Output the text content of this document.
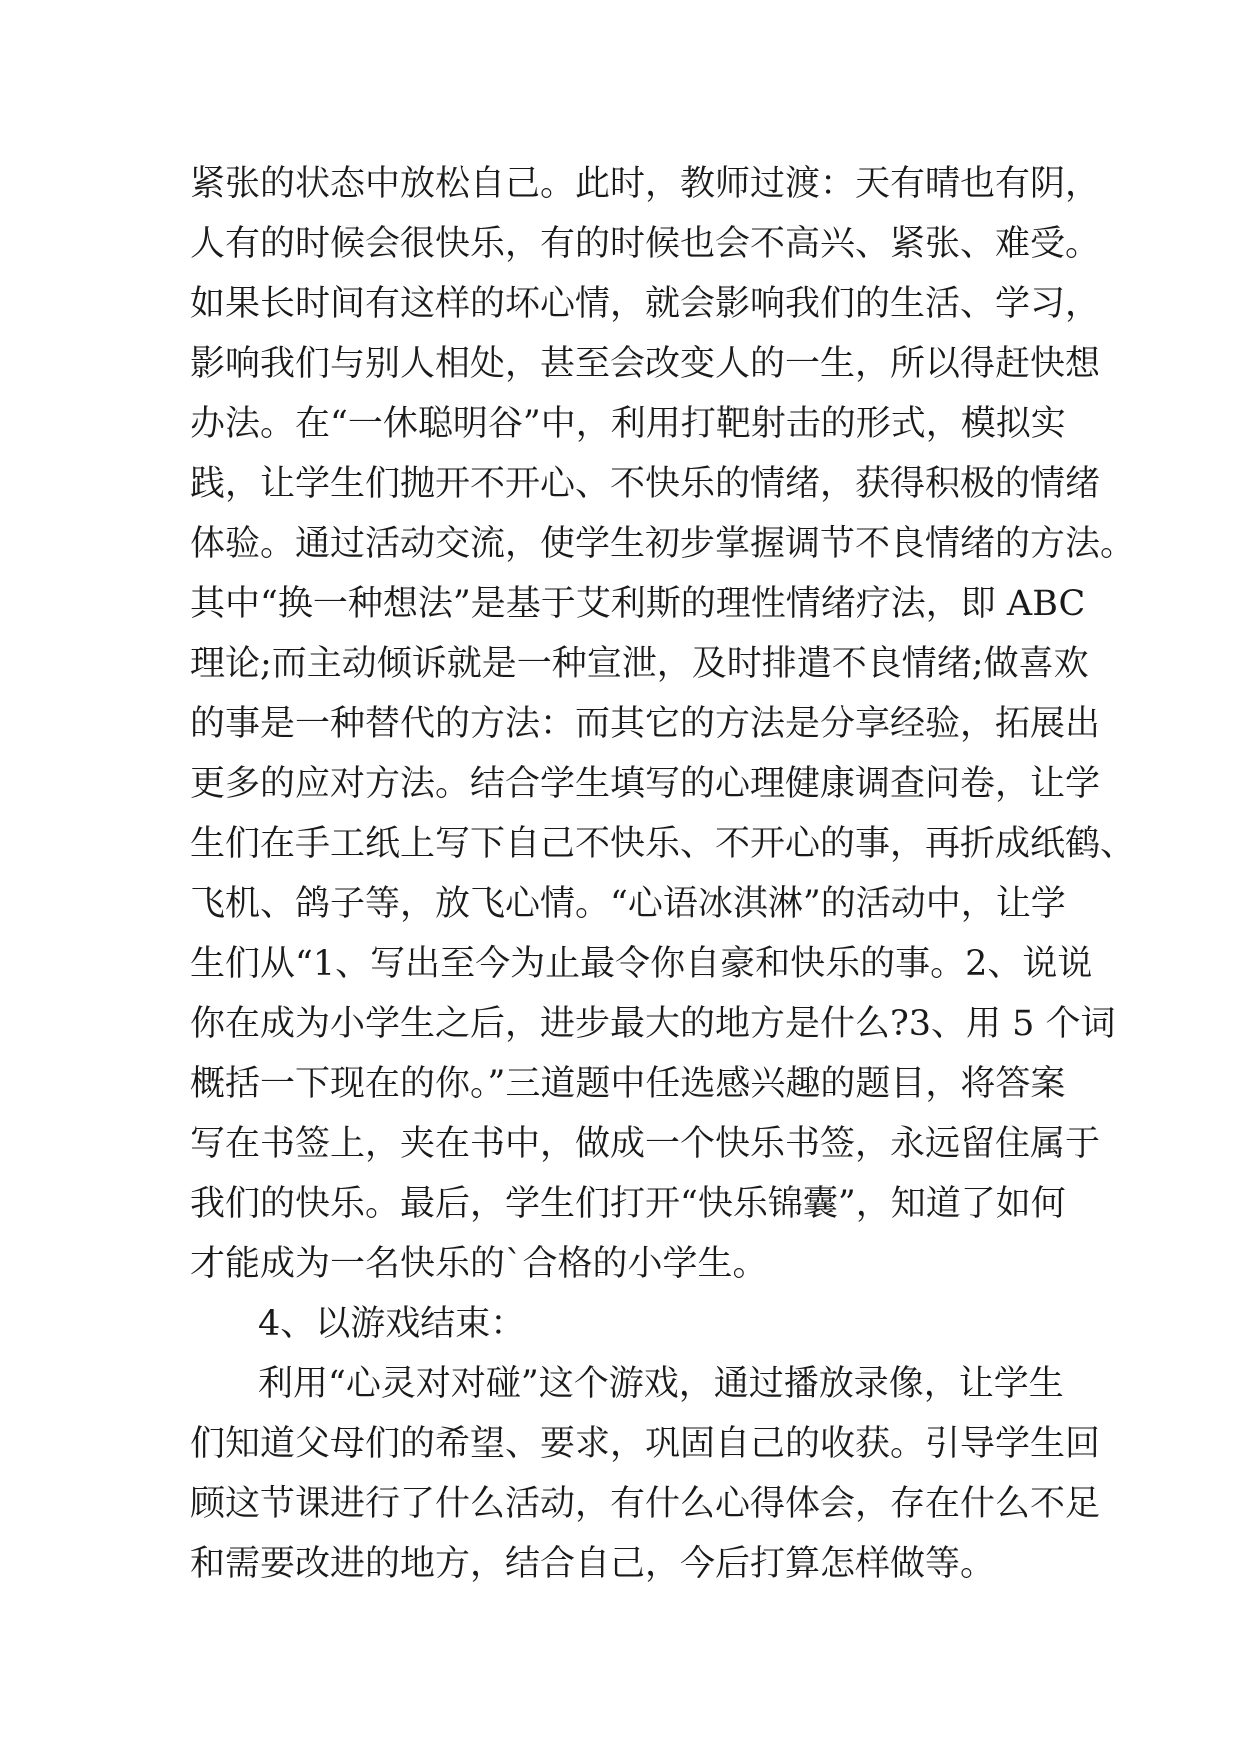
紧张的状态中放松自己。此时，教师过渡：天有晴也有阴，
人有的时候会很快乐，有的时候也会不高兴、紧张、难受。
如果长时间有这样的坏心情，就会影响我们的生活、学习，
影响我们与别人相处，甚至会改变人的一生，所以得赶快想
办法。在“一休聪明谷”中，利用打靶射击的形式，模拟实
践，让学生们抛开不开心、不快乐的情绪，获得积极的情绪
体验。通过活动交流，使学生初步掌握调节不良情绪的方法。
其中“换一种想法”是基于艾利斯的理性情绪疗法，即 ABC
理论;而主动倾诉就是一种宣泄，及时排遣不良情绪;做喜欢
的事是一种替代的方法：而其它的方法是分享经验，拓展出
更多的应对方法。结合学生填写的心理健康调查问卷，让学
生们在手工纸上写下自己不快乐、不开心的事，再折成纸鹤、
飞机、鸽子等，放飞心情。“心语冰淇淋”的活动中，让学
生们从“1、写出至今为止最令你自豪和快乐的事。2、说说
你在成为小学生之后，进步最大的地方是什么?3、用 5 个词
概括一下现在的你。”三道题中任选感兴趣的题目，将答案
写在书签上，夹在书中，做成一个快乐书签，永远留住属于
我们的快乐。最后，学生们打开“快乐锦囊”，知道了如何
才能成为一名快乐的`合格的小学生。
4、以游戏结束：
利用“心灵对对碰”这个游戏，通过播放录像，让学生
们知道父母们的希望、要求，巩固自己的收获。引导学生回
顾这节课进行了什么活动，有什么心得体会，存在什么不足
和需要改进的地方，结合自己，今后打算怎样做等。
